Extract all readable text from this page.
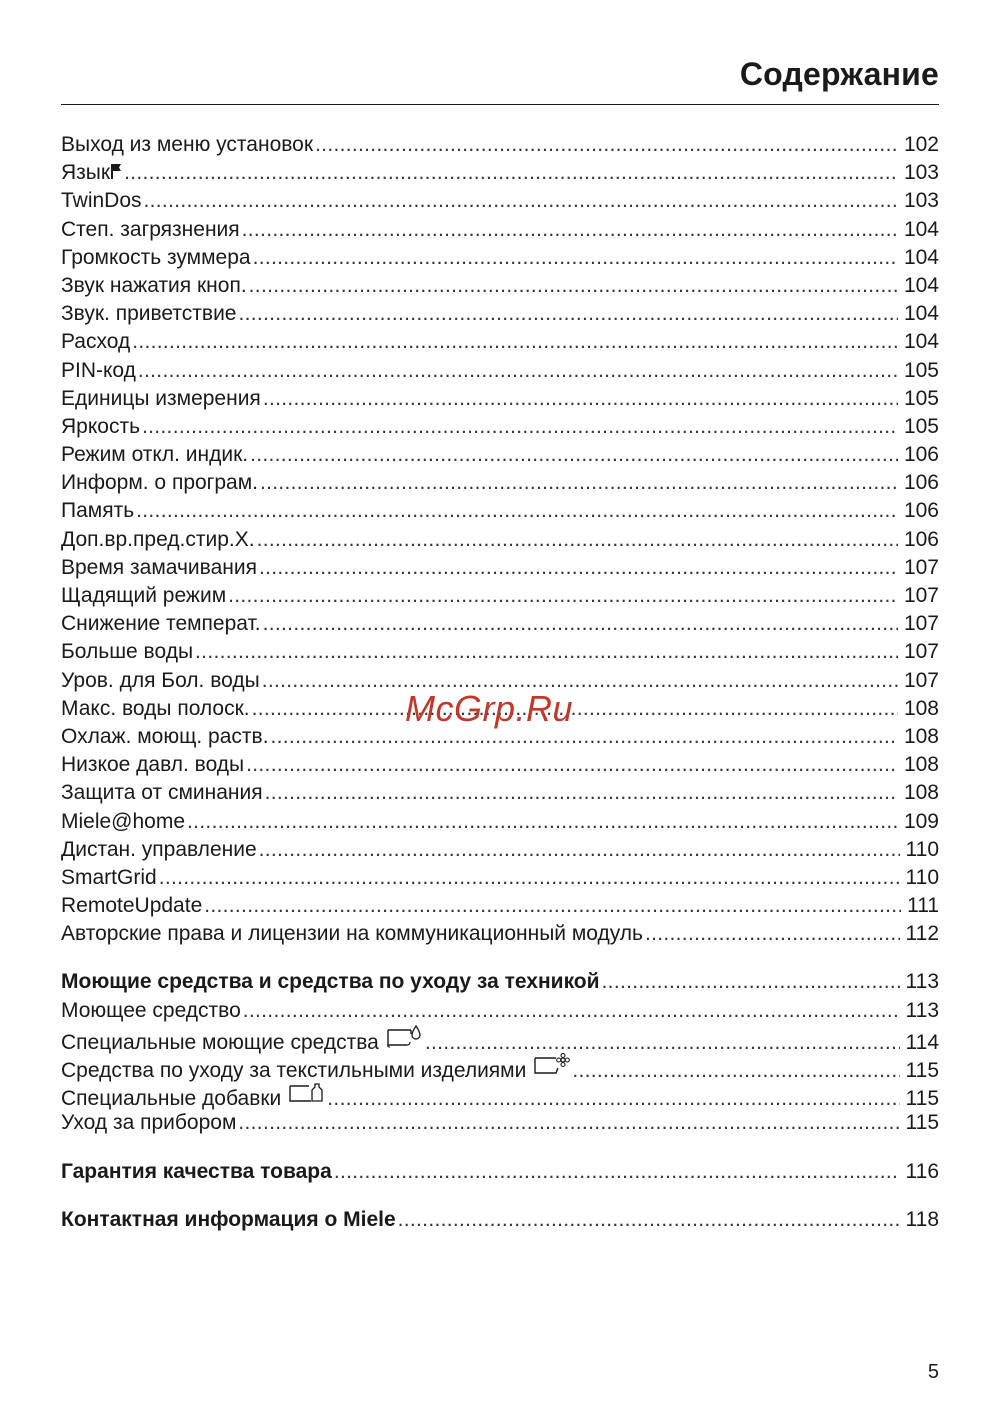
Содержание
Выход из меню установок .....	102
Язык .....	103
TwinDos .....	103
Степ. загрязнения .....	104
Громкость зуммера .....	104
Звук нажатия кноп. .....	104
Звук. приветствие .....	104
Расход .....	104
PIN-код .....	105
Единицы измерения .....	105
Яркость .....	105
Режим откл. индик. .....	106
Информ. о програм. .....	106
Память .....	106
Доп.вр.пред.стир.Х. .....	106
Время замачивания .....	107
Щадящий режим .....	107
Снижение температ. .....	107
Больше воды .....	107
Уров. для Бол. воды .....	107
Макс. воды полоск. .....	108
Охлаж. моющ. раств. .....	108
Низкое давл. воды .....	108
Защита от сминания .....	108
Miele@home .....	109
Дистан. управление .....	110
SmartGrid .....	110
RemoteUpdate .....	111
Авторские права и лицензии на коммуникационный модуль .....	112
Моющие средства и средства по уходу за техникой .....	113
Моющее средство .....	113
Специальные моющие средства .....	114
Средства по уходу за текстильными изделиями .....	115
Специальные добавки .....	115
Уход за прибором .....	115
Гарантия качества товара .....	116
Контактная информация о Miele .....	118
McGrp.Ru
5
